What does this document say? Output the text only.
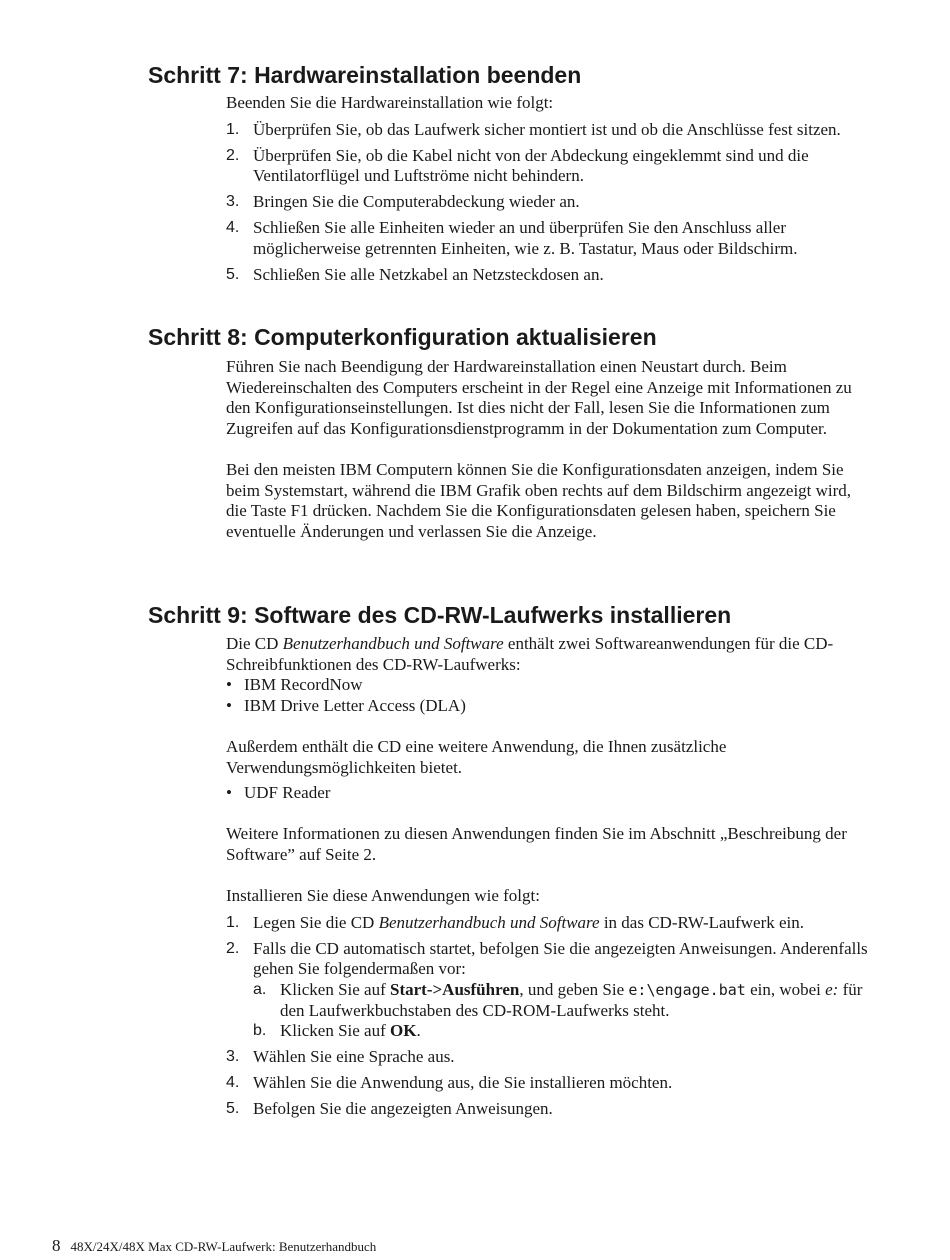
Schritt 7: Hardwareinstallation beenden

Beenden Sie die Hardwareinstallation wie folgt:

1. Überprüfen Sie, ob das Laufwerk sicher montiert ist und ob die Anschlüsse fest sitzen.
2. Überprüfen Sie, ob die Kabel nicht von der Abdeckung eingeklemmt sind und die Ventilatorflügel und Luftströme nicht behindern.
3. Bringen Sie die Computerabdeckung wieder an.
4. Schließen Sie alle Einheiten wieder an und überprüfen Sie den Anschluss aller möglicherweise getrennten Einheiten, wie z. B. Tastatur, Maus oder Bildschirm.
5. Schließen Sie alle Netzkabel an Netzsteckdosen an.
Schritt 8: Computerkonfiguration aktualisieren

Führen Sie nach Beendigung der Hardwareinstallation einen Neustart durch. Beim Wiedereinschalten des Computers erscheint in der Regel eine Anzeige mit Informationen zu den Konfigurationseinstellungen. Ist dies nicht der Fall, lesen Sie die Informationen zum Zugreifen auf das Konfigurationsdienstprogramm in der Dokumentation zum Computer.

Bei den meisten IBM Computern können Sie die Konfigurationsdaten anzeigen, indem Sie beim Systemstart, während die IBM Grafik oben rechts auf dem Bildschirm angezeigt wird, die Taste F1 drücken. Nachdem Sie die Konfigurationsdaten gelesen haben, speichern Sie eventuelle Änderungen und verlassen Sie die Anzeige.

Schritt 9: Software des CD-RW-Laufwerks installieren

Die CD Benutzerhandbuch und Software enthält zwei Softwareanwendungen für die CD-Schreibfunktionen des CD-RW-Laufwerks:

• IBM RecordNow
• IBM Drive Letter Access (DLA)

Außerdem enthält die CD eine weitere Anwendung, die Ihnen zusätzliche Verwendungsmöglichkeiten bietet.

• UDF Reader

Weitere Informationen zu diesen Anwendungen finden Sie im Abschnitt „Beschreibung der Software” auf Seite 2.

Installieren Sie diese Anwendungen wie folgt:

1. Legen Sie die CD Benutzerhandbuch und Software in das CD-RW-Laufwerk ein.
2. Falls die CD automatisch startet, befolgen Sie die angezeigten Anweisungen. Anderenfalls gehen Sie folgendermaßen vor:
a. Klicken Sie auf Start->Ausführen, und geben Sie e:\engage.bat ein, wobei e: für den Laufwerkbuchstaben des CD-ROM-Laufwerks steht.
b. Klicken Sie auf OK.
3. Wählen Sie eine Sprache aus.
4. Wählen Sie die Anwendung aus, die Sie installieren möchten.
5. Befolgen Sie die angezeigten Anweisungen.
8 48X/24X/48X Max CD-RW-Laufwerk: Benutzerhandbuch
